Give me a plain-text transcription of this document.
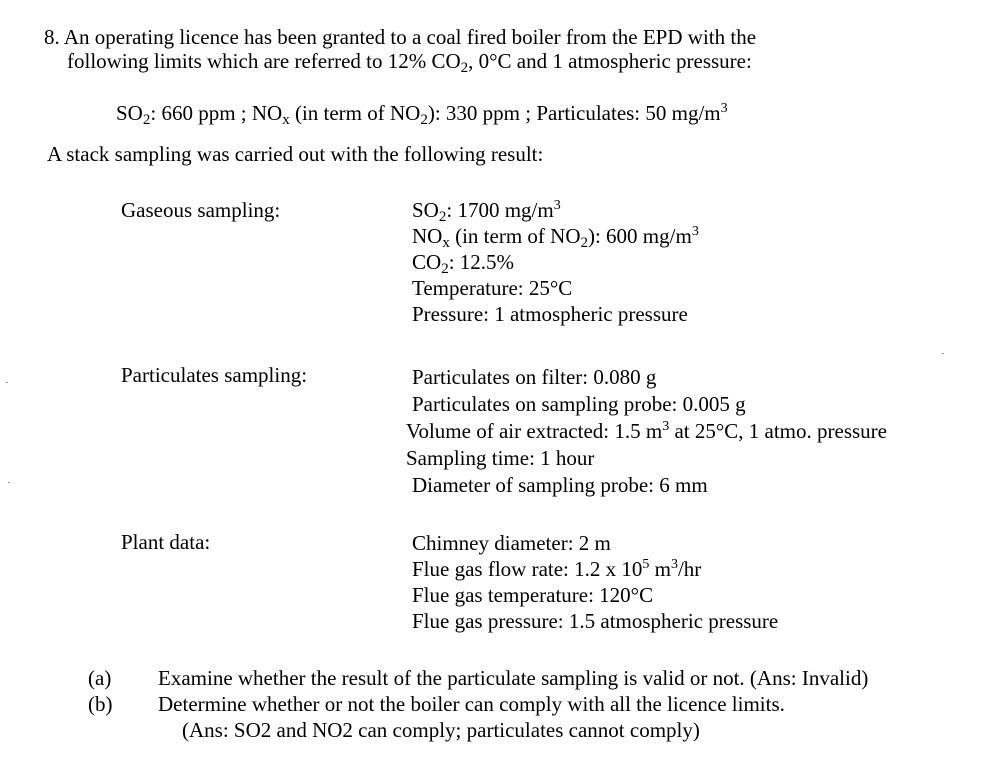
8. An operating licence has been granted to a coal fired boiler from the EPD with the
following limits which are referred to 12% $CO_2$, 0°C and 1 atmospheric pressure:
$SO_2$: 660 ppm ; $NO_x$ (in term of $NO_2$): 330 ppm ; Particulates: 50 $mg/m^3$
A stack sampling was carried out with the following result:
Gaseous sampling:	$SO_2$: 1700 $mg/m^3$
$NO_x$ (in term of $NO_2$): 600 $mg/m^3$
$CO_2$: 12.5%
Temperature: 25°C
Pressure: 1 atmospheric pressure
Particulates sampling:	Particulates on filter: 0.080 g
Particulates on sampling probe: 0.005 g
Volume of air extracted: 1.5 $m^3$ at 25°C, 1 atmo. pressure
Sampling time: 1 hour
Diameter of sampling probe: 6 mm
Plant data:	Chimney diameter: 2 m
Flue gas flow rate: 1.2 x $10^5$ $m^3/hr$
Flue gas temperature: 120°C
Flue gas pressure: 1.5 atmospheric pressure
(a) Examine whether the result of the particulate sampling is valid or not. (Ans: Invalid)
(b) Determine whether or not the boiler can comply with all the licence limits.
(Ans: SO2 and NO2 can comply; particulates cannot comply)
